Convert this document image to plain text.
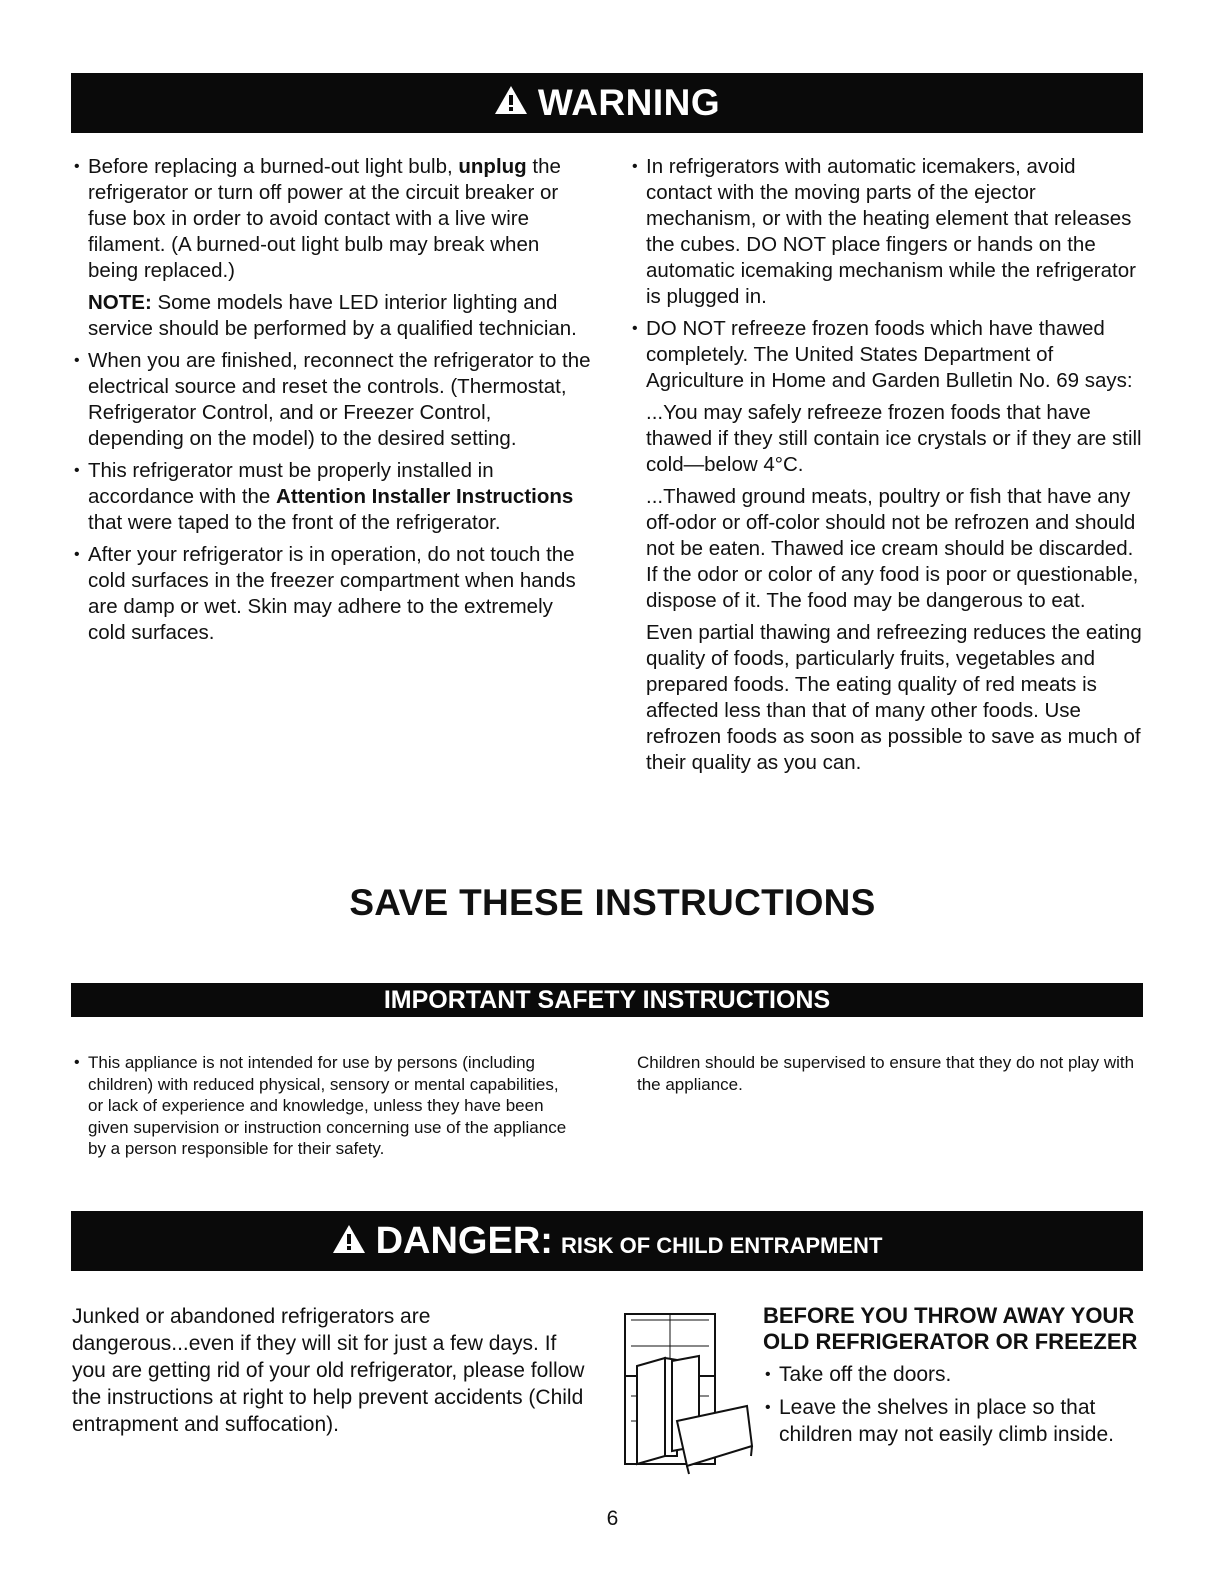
WARNING

• Before replacing a burned-out light bulb, unplug the refrigerator or turn off power at the circuit breaker or fuse box in order to avoid contact with a live wire filament. (A burned-out light bulb may break when being replaced.)

NOTE: Some models have LED interior lighting and service should be performed by a qualified technician.

• When you are finished, reconnect the refrigerator to the electrical source and reset the controls. (Thermostat, Refrigerator Control, and or Freezer Control, depending on the model) to the desired setting.

• This refrigerator must be properly installed in accordance with the Attention Installer Instructions that were taped to the front of the refrigerator.

• After your refrigerator is in operation, do not touch the cold surfaces in the freezer compartment when hands are damp or wet. Skin may adhere to the extremely cold surfaces.

• In refrigerators with automatic icemakers, avoid contact with the moving parts of the ejector mechanism, or with the heating element that releases the cubes. DO NOT place fingers or hands on the automatic icemaking mechanism while the refrigerator is plugged in.

• DO NOT refreeze frozen foods which have thawed completely. The United States Department of Agriculture in Home and Garden Bulletin No. 69 says:

...You may safely refreeze frozen foods that have thawed if they still contain ice crystals or if they are still cold—below 4°C.

...Thawed ground meats, poultry or fish that have any off-odor or off-color should not be refrozen and should not be eaten. Thawed ice cream should be discarded. If the odor or color of any food is poor or questionable, dispose of it. The food may be dangerous to eat.

Even partial thawing and refreezing reduces the eating quality of foods, particularly fruits, vegetables and prepared foods. The eating quality of red meats is affected less than that of many other foods. Use refrozen foods as soon as possible to save as much of their quality as you can.

SAVE THESE INSTRUCTIONS
IMPORTANT SAFETY INSTRUCTIONS

• This appliance is not intended for use by persons (including children) with reduced physical, sensory or mental capabilities, or lack of experience and knowledge, unless they have been given supervision or instruction concerning use of the appliance by a person responsible for their safety.

Children should be supervised to ensure that they do not play with the appliance.

DANGER: RISK OF CHILD ENTRAPMENT

Junked or abandoned refrigerators are dangerous...even if they will sit for just a few days. If you are getting rid of your old refrigerator, please follow the instructions at right to help prevent accidents (Child entrapment and suffocation).

BEFORE YOU THROW AWAY YOUR OLD REFRIGERATOR OR FREEZER

• Take off the doors.

• Leave the shelves in place so that children may not easily climb inside.

6
